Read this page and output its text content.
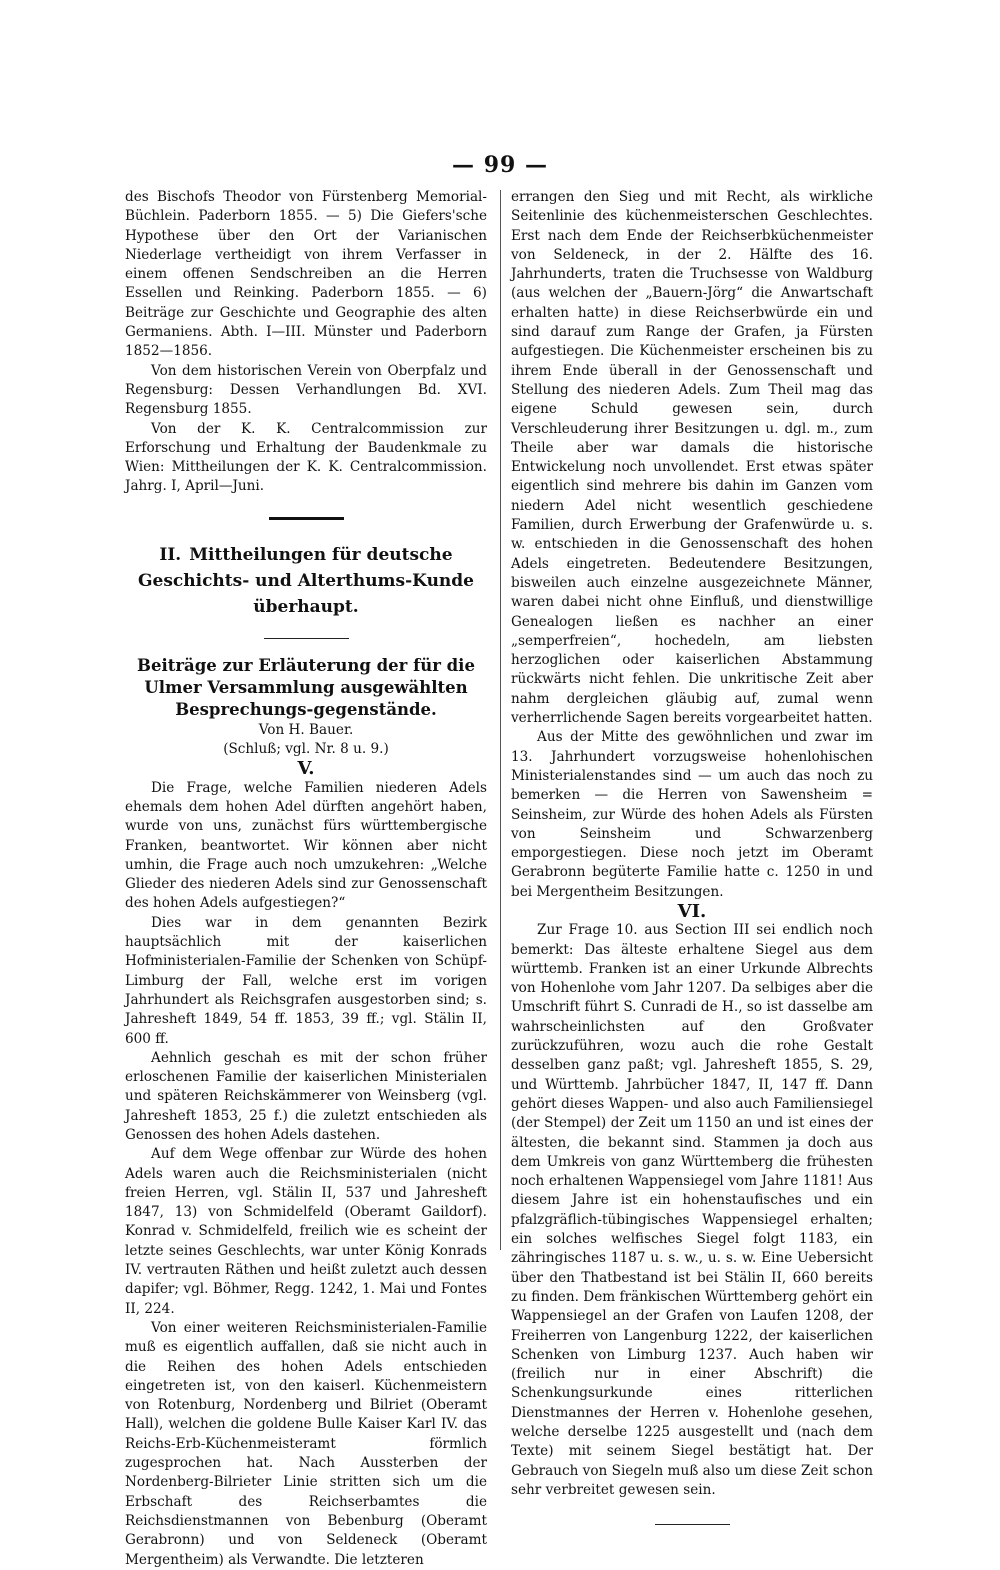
— 99 —

des Bischofs Theodor von Fürstenberg Memorial-Büchlein. Paderborn 1855. — 5) Die Giefers'sche Hypothese über den Ort der Varianischen Niederlage vertheidigt von ihrem Verfasser in einem offenen Sendschreiben an die Herren Essellen und Reinking. Paderborn 1855. — 6) Beiträge zur Geschichte und Geographie des alten Germaniens. Abth. I—III. Münster und Paderborn 1852—1856.

Von dem historischen Verein von Oberpfalz und Regensburg: Dessen Verhandlungen Bd. XVI. Regensburg 1855.

Von der K. K. Centralcommission zur Erforschung und Erhaltung der Baudenkmale zu Wien: Mittheilungen der K. K. Centralcommission. Jahrg. I, April—Juni.

II. Mittheilungen für deutsche Geschichts- und Alterthums-Kunde überhaupt.

Beiträge zur Erläuterung der für die Ulmer Versammlung ausgewählten Besprechungs-gegenstände.

Von H. Bauer.

(Schluß; vgl. Nr. 8 u. 9.)

V.

Die Frage, welche Familien niederen Adels ehemals dem hohen Adel dürften angehört haben, wurde von uns, zunächst fürs württembergische Franken, beantwortet. Wir können aber nicht umhin, die Frage auch noch umzukehren: „Welche Glieder des niederen Adels sind zur Genossenschaft des hohen Adels aufgestiegen?“

Dies war in dem genannten Bezirk hauptsächlich mit der kaiserlichen Hofministerialen-Familie der Schenken von Schüpf-Limburg der Fall, welche erst im vorigen Jahrhundert als Reichsgrafen ausgestorben sind; s. Jahresheft 1849, 54 ff. 1853, 39 ff.; vgl. Stälin II, 600 ff.

Aehnlich geschah es mit der schon früher erloschenen Familie der kaiserlichen Ministerialen und späteren Reichskämmerer von Weinsberg (vgl. Jahresheft 1853, 25 f.) die zuletzt entschieden als Genossen des hohen Adels dastehen.

Auf dem Wege offenbar zur Würde des hohen Adels waren auch die Reichsministerialen (nicht freien Herren, vgl. Stälin II, 537 und Jahresheft 1847, 13) von Schmidelfeld (Oberamt Gaildorf). Konrad v. Schmidelfeld, freilich wie es scheint der letzte seines Geschlechts, war unter König Konrads IV. vertrauten Räthen und heißt zuletzt auch dessen dapifer; vgl. Böhmer, Regg. 1242, 1. Mai und Fontes II, 224.

Von einer weiteren Reichsministerialen-Familie muß es eigentlich auffallen, daß sie nicht auch in die Reihen des hohen Adels entschieden eingetreten ist, von den kaiserl. Küchenmeistern von Rotenburg, Nordenberg und Bilriet (Oberamt Hall), welchen die goldene Bulle Kaiser Karl IV. das Reichs-Erb-Küchenmeisteramt förmlich zugesprochen hat. Nach Aussterben der Nordenberg-Bilrieter Linie stritten sich um die Erbschaft des Reichserbamtes die Reichsdienstmannen von Bebenburg (Oberamt Gerabronn) und von Seldeneck (Oberamt Mergentheim) als Verwandte. Die letzteren

errangen den Sieg und mit Recht, als wirkliche Seitenlinie des küchenmeisterschen Geschlechtes. Erst nach dem Ende der Reichserbküchenmeister von Seldeneck, in der 2. Hälfte des 16. Jahrhunderts, traten die Truchsesse von Waldburg (aus welchen der „Bauern-Jörg“ die Anwartschaft erhalten hatte) in diese Reichserbwürde ein und sind darauf zum Range der Grafen, ja Fürsten aufgestiegen. Die Küchenmeister erscheinen bis zu ihrem Ende überall in der Genossenschaft und Stellung des niederen Adels. Zum Theil mag das eigene Schuld gewesen sein, durch Verschleuderung ihrer Besitzungen u. dgl. m., zum Theile aber war damals die historische Entwickelung noch unvollendet. Erst etwas später eigentlich sind mehrere bis dahin im Ganzen vom niedern Adel nicht wesentlich geschiedene Familien, durch Erwerbung der Grafenwürde u. s. w. entschieden in die Genossenschaft des hohen Adels eingetreten. Bedeutendere Besitzungen, bisweilen auch einzelne ausgezeichnete Männer, waren dabei nicht ohne Einfluß, und dienstwillige Genealogen ließen es nachher an einer „semperfreien“, hochedeln, am liebsten herzoglichen oder kaiserlichen Abstammung rückwärts nicht fehlen. Die unkritische Zeit aber nahm dergleichen gläubig auf, zumal wenn verherrlichende Sagen bereits vorgearbeitet hatten.

Aus der Mitte des gewöhnlichen und zwar im 13. Jahrhundert vorzugsweise hohenlohischen Ministerialenstandes sind — um auch das noch zu bemerken — die Herren von Sawensheim = Seinsheim, zur Würde des hohen Adels als Fürsten von Seinsheim und Schwarzenberg emporgestiegen. Diese noch jetzt im Oberamt Gerabronn begüterte Familie hatte c. 1250 in und bei Mergentheim Besitzungen.

VI.

Zur Frage 10. aus Section III sei endlich noch bemerkt: Das älteste erhaltene Siegel aus dem württemb. Franken ist an einer Urkunde Albrechts von Hohenlohe vom Jahr 1207. Da selbiges aber die Umschrift führt S. Cunradi de H., so ist dasselbe am wahrscheinlichsten auf den Großvater zurückzuführen, wozu auch die rohe Gestalt desselben ganz paßt; vgl. Jahresheft 1855, S. 29, und Württemb. Jahrbücher 1847, II, 147 ff. Dann gehört dieses Wappen- und also auch Familiensiegel (der Stempel) der Zeit um 1150 an und ist eines der ältesten, die bekannt sind. Stammen ja doch aus dem Umkreis von ganz Württemberg die frühesten noch erhaltenen Wappensiegel vom Jahre 1181! Aus diesem Jahre ist ein hohenstaufisches und ein pfalzgräflich-tübingisches Wappensiegel erhalten; ein solches welfisches Siegel folgt 1183, ein zähringisches 1187 u. s. w., u. s. w. Eine Uebersicht über den Thatbestand ist bei Stälin II, 660 bereits zu finden. Dem fränkischen Württemberg gehört ein Wappensiegel an der Grafen von Laufen 1208, der Freiherren von Langenburg 1222, der kaiserlichen Schenken von Limburg 1237. Auch haben wir (freilich nur in einer Abschrift) die Schenkungsurkunde eines ritterlichen Dienstmannes der Herren v. Hohenlohe gesehen, welche derselbe 1225 ausgestellt und (nach dem Texte) mit seinem Siegel bestätigt hat. Der Gebrauch von Siegeln muß also um diese Zeit schon sehr verbreitet gewesen sein.
